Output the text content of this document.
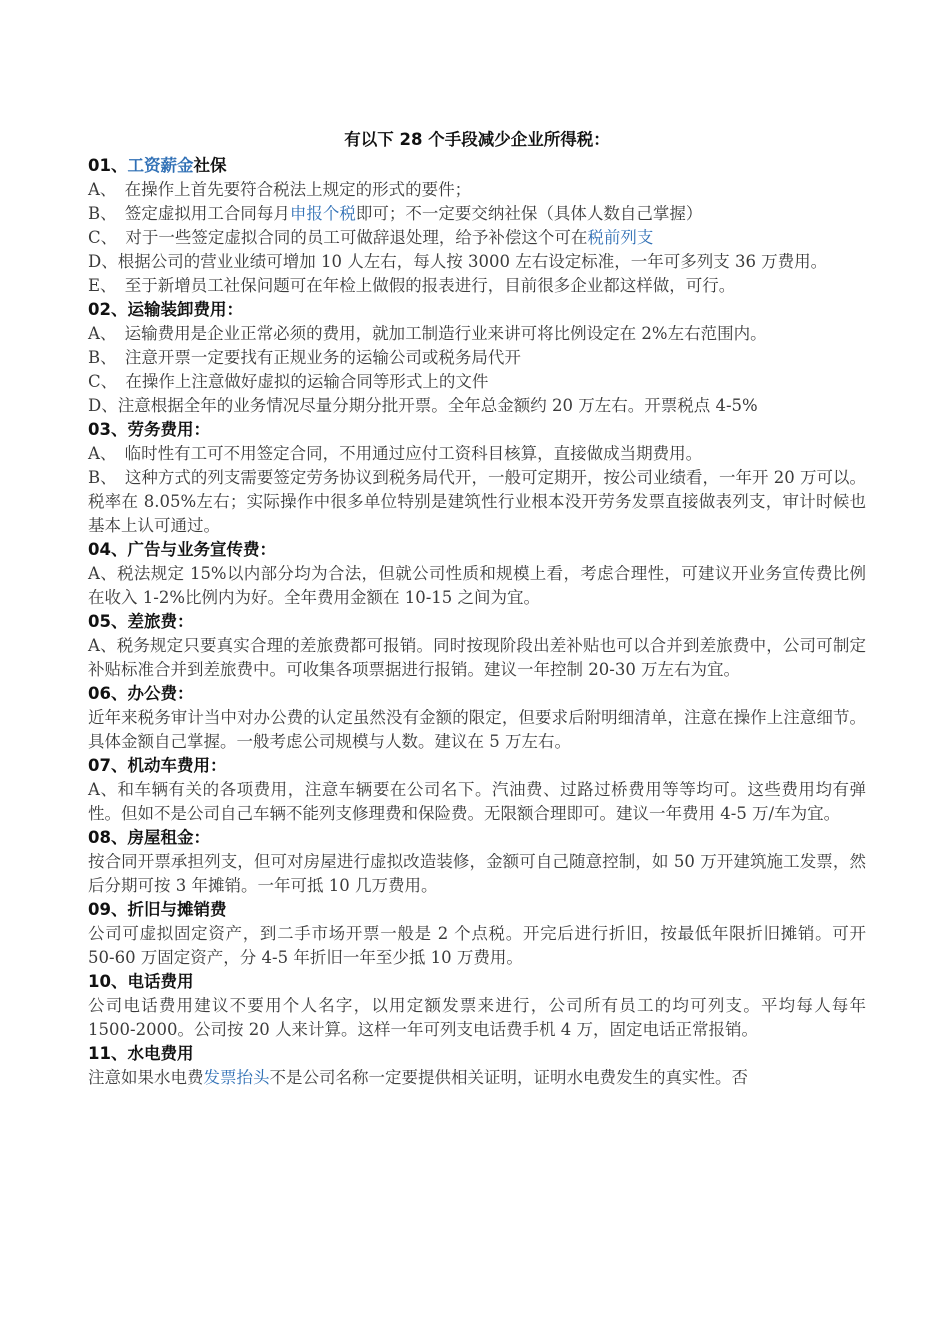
有以下 28 个手段减少企业所得税：
01、工资薪金社保
A、　在操作上首先要符合税法上规定的形式的要件；
B、　签定虚拟用工合同每月申报个税即可；不一定要交纳社保（具体人数自己掌握）
C、　对于一些签定虚拟合同的员工可做辞退处理，给予补偿这个可在税前列支
D、根据公司的营业业绩可增加 10 人左右，每人按 3000 左右设定标准，一年可多列支 36 万费用。
E、　至于新增员工社保问题可在年检上做假的报表进行，目前很多企业都这样做，可行。
02、运输装卸费用：
A、　运输费用是企业正常必须的费用，就加工制造行业来讲可将比例设定在 2%左右范围内。
B、　注意开票一定要找有正规业务的运输公司或税务局代开
C、　在操作上注意做好虚拟的运输合同等形式上的文件
D、注意根据全年的业务情况尽量分期分批开票。全年总金额约 20 万左右。开票税点 4-5%
03、劳务费用：
A、　临时性有工可不用签定合同，不用通过应付工资科目核算，直接做成当期费用。
B、　这种方式的列支需要签定劳务协议到税务局代开，一般可定期开，按公司业绩看，一年开 20 万可以。税率在 8.05%左右；实际操作中很多单位特别是建筑性行业根本没开劳务发票直接做表列支，审计时候也基本上认可通过。
04、广告与业务宣传费：
A、税法规定 15%以内部分均为合法，但就公司性质和规模上看，考虑合理性，可建议开业务宣传费比例在收入 1-2%比例内为好。全年费用金额在 10-15 之间为宜。
05、差旅费：
A、税务规定只要真实合理的差旅费都可报销。同时按现阶段出差补贴也可以合并到差旅费中，公司可制定补贴标准合并到差旅费中。可收集各项票据进行报销。建议一年控制 20-30 万左右为宜。
06、办公费：
近年来税务审计当中对办公费的认定虽然没有金额的限定，但要求后附明细清单，注意在操作上注意细节。具体金额自己掌握。一般考虑公司规模与人数。建议在 5 万左右。
07、机动车费用：
A、和车辆有关的各项费用，注意车辆要在公司名下。汽油费、过路过桥费用等等均可。这些费用均有弹性。但如不是公司自己车辆不能列支修理费和保险费。无限额合理即可。建议一年费用 4-5 万/车为宜。
08、房屋租金：
按合同开票承担列支，但可对房屋进行虚拟改造装修，金额可自己随意控制，如 50 万开建筑施工发票，然后分期可按 3 年摊销。一年可抵 10 几万费用。
09、折旧与摊销费
公司可虚拟固定资产，到二手市场开票一般是 2 个点税。开完后进行折旧，按最低年限折旧摊销。可开 50-60 万固定资产，分 4-5 年折旧一年至少抵 10 万费用。
10、电话费用
公司电话费用建议不要用个人名字，以用定额发票来进行，公司所有员工的均可列支。平均每人每年 1500-2000。公司按 20 人来计算。这样一年可列支电话费手机 4 万，固定电话正常报销。
11、水电费用
注意如果水电费发票抬头不是公司名称一定要提供相关证明，证明水电费发生的真实性。否
